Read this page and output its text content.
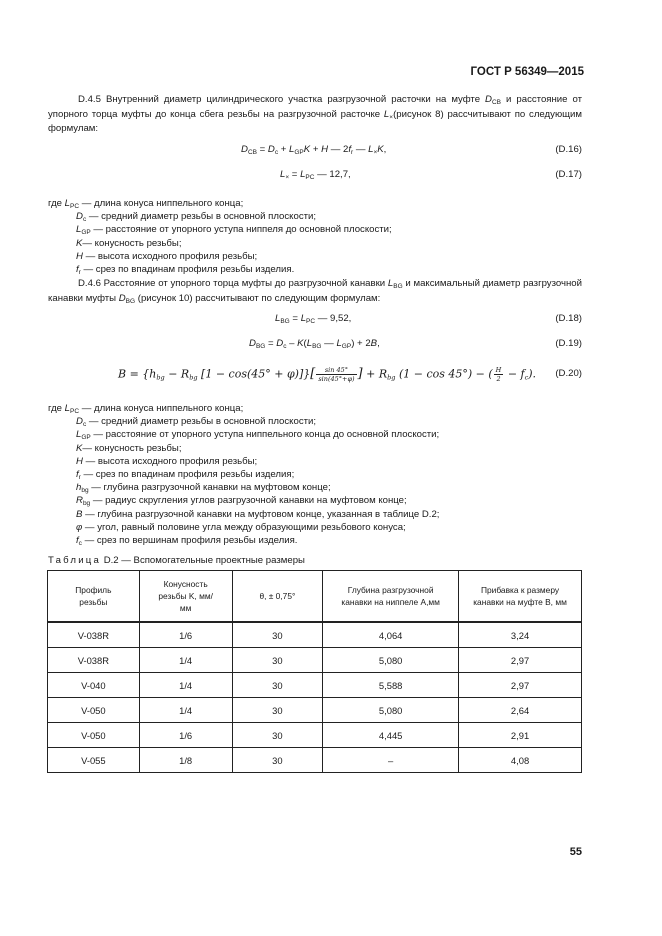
ГОСТ Р 56349—2015
D.4.5 Внутренний диаметр цилиндрического участка разгрузочной расточки на муфте $D_{CB}$ и расстояние от упорного торца муфты до конца сбега резьбы на разгрузочной расточке $L_\times(рисунок$ 8) рассчитывают по следующим формулам:
$D_{CB} = D_c + L_{GP}K + H$ — $2f_r$ — $L_\times K$,	(D.16)
$L_\times = L_{PC}$ — 12,7,	(D.17)
где $L_{PC}$ — длина конуса ниппельного конца;
$D_c$ — средний диаметр резьбы в основной плоскости;
$L_{GP}$ — расстояние от упорного уступа ниппеля до основной плоскости;
K— конусность резьбы;
H — высота исходного профиля резьбы;
$f_r$ — срез по впадинам профиля резьбы изделия.
D.4.6 Расстояние от упорного торца муфты до разгрузочной канавки $L_{BG}$ и максимальный диаметр разгрузочной канавки муфты $D_{BG}$ (рисунок 10) рассчитывают по следующим формулам:
$L_{BG} = L_{PC}$ — 9,52,	(D.18)
$D_{BG} = D_c - K(L_{BG}$ — $L_{GP}) + 2B$,	(D.19)
$B = \{h_{bg} - R_{bg}$ $[1 - \cos(45^\circ + \varphi)]\}[ \frac{\sin 45^\circ}{\sin(45^\circ+\varphi)}$ ] + $R_{bg}$ (1 − cos 45°) − ( $\frac{H}{2} - f_c$). (D.20)
где $L_{PC}$ — длина конуса ниппельного конца;
$D_c$ — средний диаметр резьбы в основной плоскости;
$L_{GP}$ — расстояние от упорного уступа ниппельного конца до основной плоскости;
K— конусность резьбы;
H — высота исходного профиля резьбы;
$f_r$ — срез по впадинам профиля резьбы изделия;
$h_{bg}$ — глубина разгрузочной канавки на муфтовом конце;
$R_{bg}$ — радиус скругления углов разгрузочной канавки на муфтовом конце;
B — глубина разгрузочной канавки на муфтовом конце, указанная в таблице D.2;
φ — угол, равный половине угла между образующими резьбового конуса;
$f_c$ — срез по вершинам профиля резьбы изделия.
Таблица D.2 — Вспомогательные проектные размеры
Профиль резьбы	Конусность резьбы K, мм/мм	θ, ± 0,75°	Глубина разгрузочной канавки на ниппеле A,мм	Прибавка к размеру канавки на муфте B, мм

V-038R	1/6	30	4,064	3,24
V-038R	1/4	30	5,080	2,97
V-040	1/4	30	5,588	2,97
V-050	1/4	30	5,080	2,64
V-050	1/6	30	4,445	2,91
V-055	1/8	30	–	4,08
55
